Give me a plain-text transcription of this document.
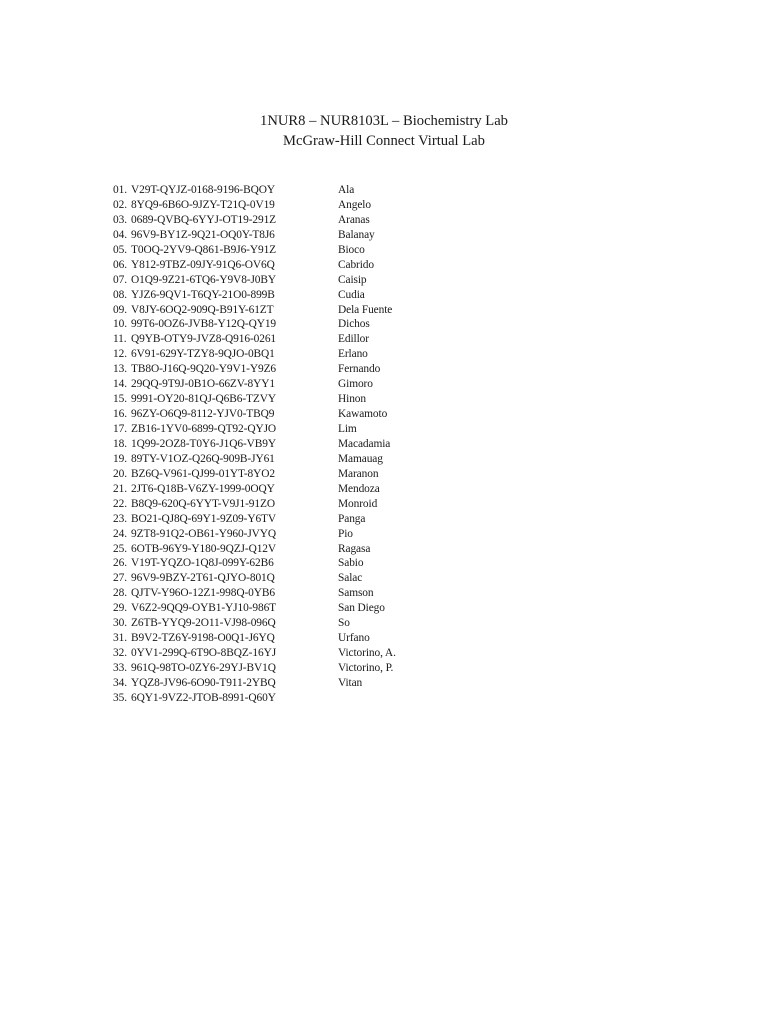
1NUR8 – NUR8103L – Biochemistry Lab
McGraw-Hill Connect Virtual Lab
01. V29T-QYJZ-0168-9196-BQOY	Ala
02. 8YQ9-6B6O-9JZY-T21Q-0V19	Angelo
03. 0689-QVBQ-6YYJ-OT19-291Z	Aranas
04. 96V9-BY1Z-9Q21-OQ0Y-T8J6	Balanay
05. T0OQ-2YV9-Q861-B9J6-Y91Z	Bioco
06. Y812-9TBZ-09JY-91Q6-OV6Q	Cabrido
07. O1Q9-9Z21-6TQ6-Y9V8-J0BY	Caisip
08. YJZ6-9QV1-T6QY-21O0-899B	Cudia
09. V8JY-6OQ2-909Q-B91Y-61ZT	Dela Fuente
10. 99T6-0OZ6-JVB8-Y12Q-QY19	Dichos
11. Q9YB-OTY9-JVZ8-Q916-0261	Edillor
12. 6V91-629Y-TZY8-9QJO-0BQ1	Erlano
13. TB8O-J16Q-9Q20-Y9V1-Y9Z6	Fernando
14. 29QQ-9T9J-0B1O-66ZV-8YY1	Gimoro
15. 9991-OY20-81QJ-Q6B6-TZVY	Hinon
16. 96ZY-O6Q9-8112-YJV0-TBQ9	Kawamoto
17. ZB16-1YV0-6899-QT92-QYJO	Lim
18. 1Q99-2OZ8-T0Y6-J1Q6-VB9Y	Macadamia
19. 89TY-V1OZ-Q26Q-909B-JY61	Mamauag
20. BZ6Q-V961-QJ99-01YT-8YO2	Maranon
21. 2JT6-Q18B-V6ZY-1999-0OQY	Mendoza
22. B8Q9-620Q-6YYT-V9J1-91ZO	Monroid
23. BO21-QJ8Q-69Y1-9Z09-Y6TV	Panga
24. 9ZT8-91Q2-OB61-Y960-JVYQ	Pio
25. 6OTB-96Y9-Y180-9QZJ-Q12V	Ragasa
26. V19T-YQZO-1Q8J-099Y-62B6	Sabio
27. 96V9-9BZY-2T61-QJYO-801Q	Salac
28. QJTV-Y96O-12Z1-998Q-0YB6	Samson
29. V6Z2-9QQ9-OYB1-YJ10-986T	San Diego
30. Z6TB-YYQ9-2O11-VJ98-096Q	So
31. B9V2-TZ6Y-9198-O0Q1-J6YQ	Urfano
32. 0YV1-299Q-6T9O-8BQZ-16YJ	Victorino, A.
33. 961Q-98TO-0ZY6-29YJ-BV1Q	Victorino, P.
34. YQZ8-JV96-6O90-T911-2YBQ	Vitan
35. 6QY1-9VZ2-JTOB-8991-Q60Y
